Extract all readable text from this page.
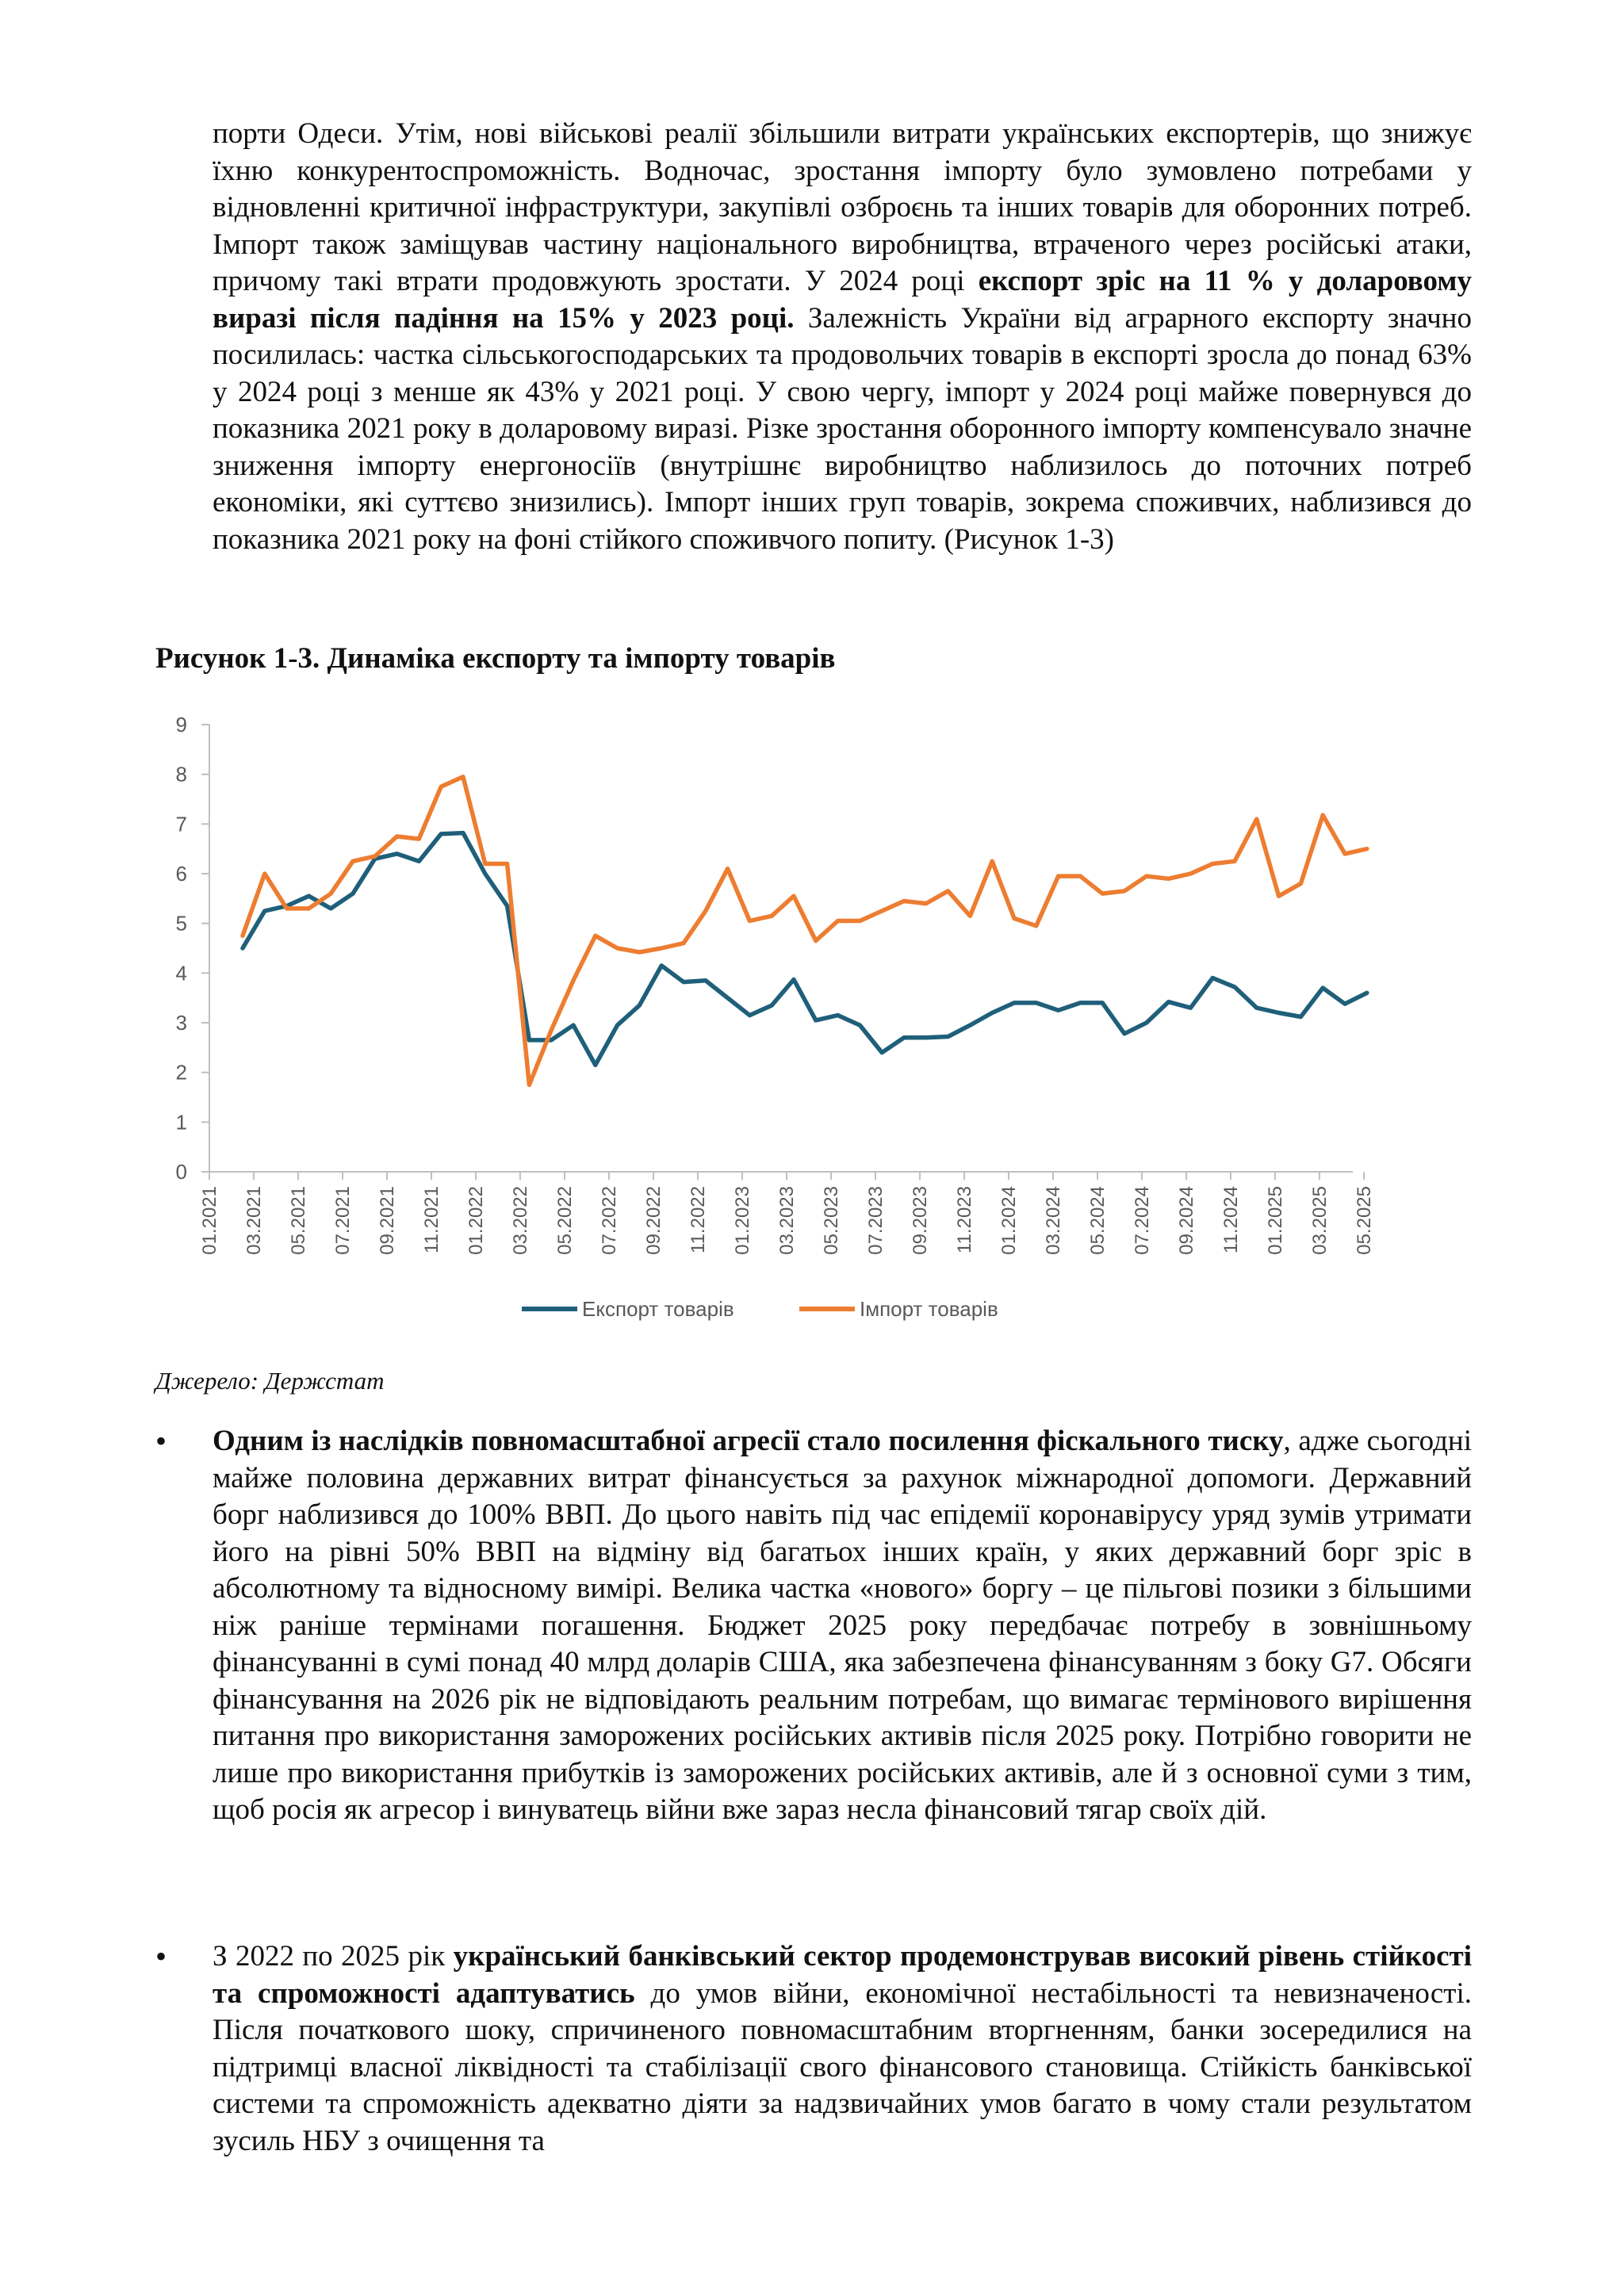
порти Одеси. Утім, нові військові реалії збільшили витрати українських експортерів, що знижує їхню конкурентоспроможність. Водночас, зростання імпорту було зумовлено потребами у відновленні критичної інфраструктури, закупівлі озброєнь та інших товарів для оборонних потреб. Імпорт також заміщував частину національного виробництва, втраченого через російські атаки, причому такі втрати продовжують зростати. У 2024 році експорт зріс на 11 % у доларовому виразі після падіння на 15% у 2023 році. Залежність України від аграрного експорту значно посилилась: частка сільськогосподарських та продовольчих товарів в експорті зросла до понад 63% у 2024 році з менше як 43% у 2021 році. У свою чергу, імпорт у 2024 році майже повернувся до показника 2021 року в доларовому виразі. Різке зростання оборонного імпорту компенсувало значне зниження імпорту енергоносіїв (внутрішнє виробництво наблизилось до поточних потреб економіки, які суттєво знизились). Імпорт інших груп товарів, зокрема споживчих, наблизився до показника 2021 року на фоні стійкого споживчого попиту. (Рисунок 1-3)
Рисунок 1-3. Динаміка експорту та імпорту товарів
0
1
2
3
4
5
6
7
8
9
01.2021 03.2021 05.2021 07.2021 09.2021 11.2021 01.2022 03.2022 05.2022 07.2022 09.2022 11.2022 01.2023 03.2023 05.2023 07.2023 09.2023 11.2023 01.2024 03.2024 05.2024 07.2024 09.2024 11.2024 01.2025 03.2025 05.2025
Експорт товарів	Імпорт товарів
Джерело: Держстат
• Одним із наслідків повномасштабної агресії стало посилення фіскального тиску, адже сьогодні майже половина державних витрат фінансується за рахунок міжнародної допомоги. Державний борг наблизився до 100% ВВП. До цього навіть під час епідемії коронавірусу уряд зумів утримати його на рівні 50% ВВП на відміну від багатьох інших країн, у яких державний борг зріс в абсолютному та відносному вимірі. Велика частка «нового» боргу – це пільгові позики з більшими ніж раніше термінами погашення. Бюджет 2025 року передбачає потребу в зовнішньому фінансуванні в сумі понад 40 млрд доларів США, яка забезпечена фінансуванням з боку G7. Обсяги фінансування на 2026 рік не відповідають реальним потребам, що вимагає термінового вирішення питання про використання заморожених російських активів після 2025 року. Потрібно говорити не лише про використання прибутків із заморожених російських активів, але й з основної суми з тим, щоб росія як агресор і винуватець війни вже зараз несла фінансовий тягар своїх дій.
• З 2022 по 2025 рік український банківський сектор продемонстрував високий рівень стійкості та спроможності адаптуватись до умов війни, економічної нестабільності та невизначеності. Після початкового шоку, спричиненого повномасштабним вторгненням, банки зосередилися на підтримці власної ліквідності та стабілізації свого фінансового становища. Стійкість банківської системи та спроможність адекватно діяти за надзвичайних умов багато в чому стали результатом зусиль НБУ з очищення та
